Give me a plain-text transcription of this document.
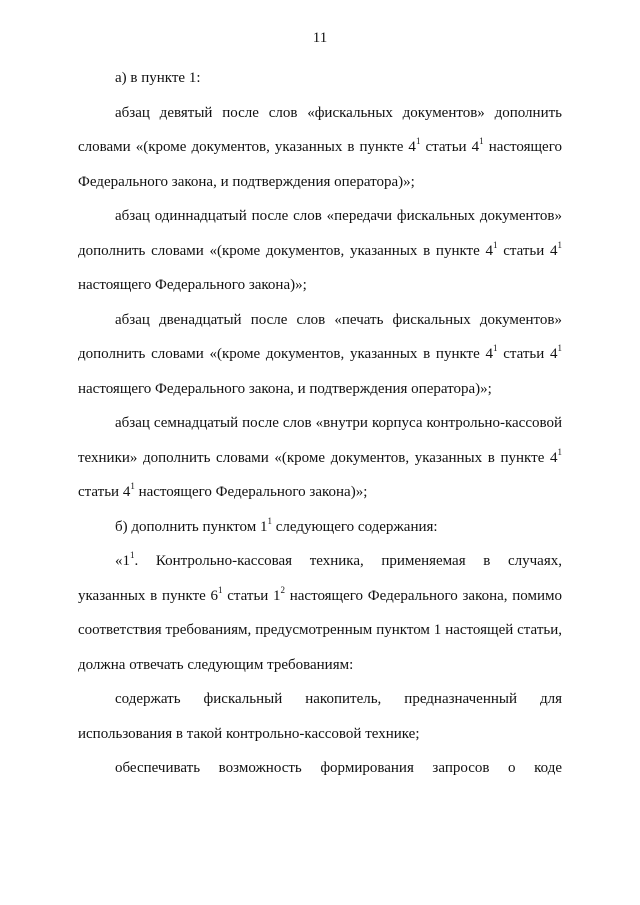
11

а) в пункте 1:

абзац девятый после слов «фискальных документов» дополнить словами «(кроме документов, указанных в пункте $4^1$ статьи $4^1$ настоящего Федерального закона, и подтверждения оператора)»;

абзац одиннадцатый после слов «передачи фискальных документов» дополнить словами «(кроме документов, указанных в пункте $4^1$ статьи $4^1$ настоящего Федерального закона)»;

абзац двенадцатый после слов «печать фискальных документов» дополнить словами «(кроме документов, указанных в пункте $4^1$ статьи $4^1$ настоящего Федерального закона, и подтверждения оператора)»;

абзац семнадцатый после слов «внутри корпуса контрольно-кассовой техники» дополнить словами «(кроме документов, указанных в пункте $4^1$ статьи $4^1$ настоящего Федерального закона)»;

б) дополнить пунктом $1^1$ следующего содержания:

«$1^1$. Контрольно-кассовая техника, применяемая в случаях, указанных в пункте $6^1$ статьи $1^2$ настоящего Федерального закона, помимо соответствия требованиям, предусмотренным пунктом 1 настоящей статьи, должна отвечать следующим требованиям:

содержать фискальный накопитель, предназначенный для использования в такой контрольно-кассовой технике;

обеспечивать возможность формирования запросов о коде
